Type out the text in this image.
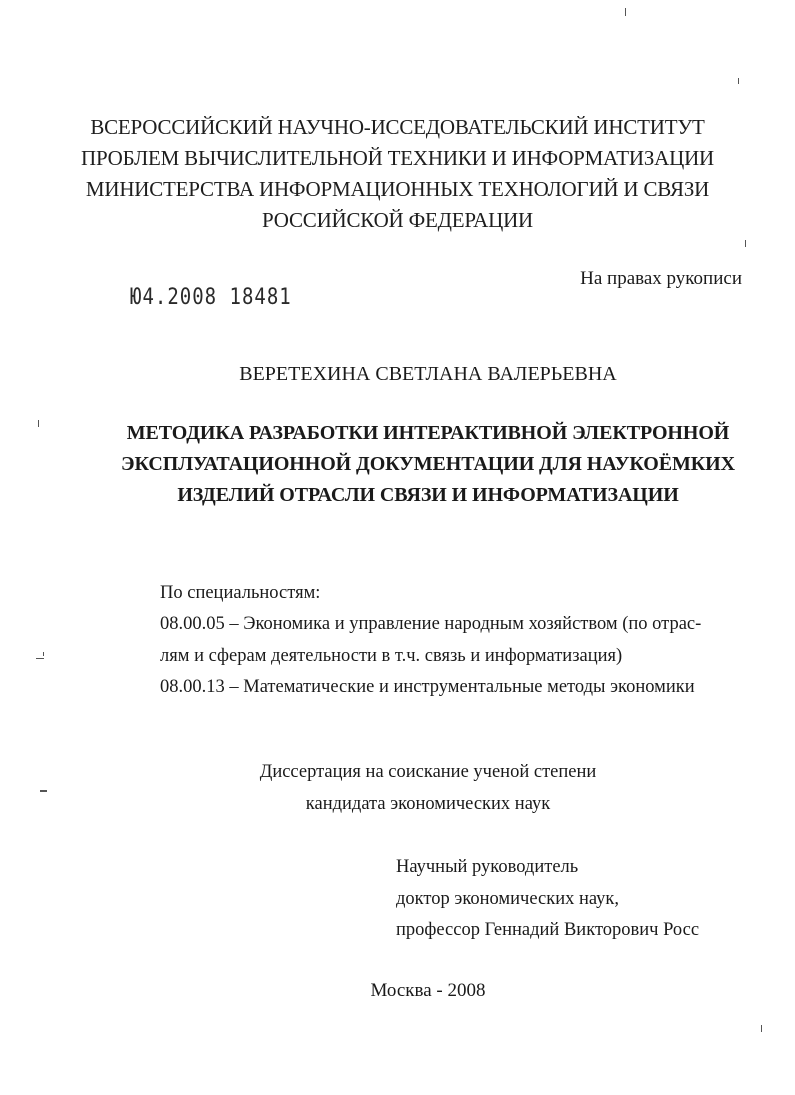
ВСЕРОССИЙСКИЙ НАУЧНО-ИССЕДОВАТЕЛЬСКИЙ ИНСТИТУТ
ПРОБЛЕМ ВЫЧИСЛИТЕЛЬНОЙ ТЕХНИКИ И ИНФОРМАТИЗАЦИИ
МИНИСТЕРСТВА ИНФОРМАЦИОННЫХ ТЕХНОЛОГИЙ И СВЯЗИ
РОССИЙСКОЙ ФЕДЕРАЦИИ
На правах рукописи
Ю4.2008 18481
ВЕРЕТЕХИНА СВЕТЛАНА ВАЛЕРЬЕВНА
МЕТОДИКА РАЗРАБОТКИ ИНТЕРАКТИВНОЙ ЭЛЕКТРОННОЙ
ЭКСПЛУАТАЦИОННОЙ ДОКУМЕНТАЦИИ ДЛЯ НАУКОЁМКИХ
ИЗДЕЛИЙ ОТРАСЛИ СВЯЗИ И ИНФОРМАТИЗАЦИИ
По специальностям:
08.00.05 – Экономика и управление народным хозяйством (по отрас-
лям и сферам деятельности в т.ч. связь и информатизация)
08.00.13 – Математические и инструментальные методы экономики
Диссертация на соискание ученой степени
кандидата экономических наук
Научный руководитель
доктор экономических наук,
профессор Геннадий Викторович Росс
Москва - 2008
